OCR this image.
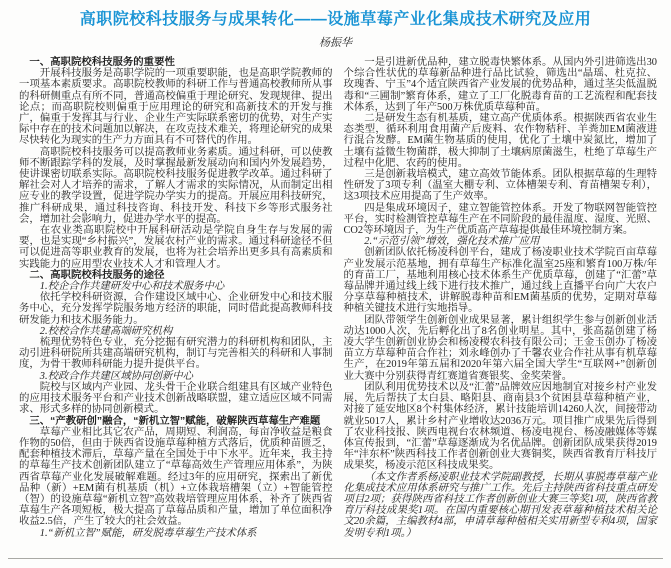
高职院校科技服务与成果转化——设施草莓产业化集成技术研究及应用
杨振华
一、高职院校科技服务的重要性
开展科技服务是高职学院的一项重要职能，也是高职学院教师的一项基本素质要求。高职院校教师的科研工作与普通高校教师所从事的科研侧重点有所不同，普通高校偏重于理论研究、发现规律、提出论点；而高职院校则偏重于应用理论的研究和高新技术的开发与推广，偏重于发挥其与行业、企业生产实际联系密切的优势，对生产实际中存在的技术问题加以解决，在攻克技术难关，将理论研究的成果尽快转化为现实的生产力方面具有不可替代的作用。
高职院校科技服务可以提高教师业务素质。通过科研，可以使教师不断跟踪学科的发展，及时掌握最新发展动向和国内外发展趋势，使讲课密切联系实际。高职院校科技服务促进教学改革。通过科研了解社会对人才培养的需求，了解人才需求的实际情况，从而制定出相应专业的教学设置，促进学院办学实力的提高。开展应用科技研究，推广科研成果，通过科技咨询、科技开发、科技下乡等形式服务社会，增加社会影响力，促进办学水平的提高。
在农业类高职院校中开展科研活动是学院自身生存与发展的需要，也是实现“乡村振兴”，发展农村产业的需求。通过科研途径不但可以促进高等职业教育的发展，也将为社会培养出更多具有高素质和实践能力的应用型农业技术人才和管理人才。
二、高职院校科技服务的途径
1.校企合作共建研发中心和技术服务中心
依托学校科研资源，合作建设区域中心、企业研发中心和技术服务中心，充分发挥学院服务地方经济的职能，同时借此提高教师科技研发能力和技术服务能力。
2.校校合作共建高端研究机构
梳理优势特色专业，充分挖掘有研究潜力的科研机构和团队，主动引进科研院所共建高端研究机构，制订与完善相关的科研和人事制度，为骨干教师科研能力提升提供平台。
3.校政合作共建区域协同创新中心
院校与区域内产业园、龙头骨干企业联合组建具有区域产业特色的应用技术服务平台和产业技术创新战略联盟，建立适应区域不同需求、形式多样的协同创新模式。
三、“产教研创”融合，“新机立智”赋能，破解陕西草莓生产难题
草莓产业相比其它农产品，周期短、利润高，每亩净收益是粮食作物的50倍，但由于陕西省设施草莓种植方式落后，优质种苗匮乏，配套种植技术滞后，草莓产量在全国处于中下水平。近年来，我主持的草莓生产技术创新团队建立了“草莓高效生产管理应用体系”，为陕西省草莓产业化发展破解难题。经过3年的应用研究，探索出了新优品种（新）+EM菌有机基质（机）+立体栽培槽架（立）+智能管控（智）的设施草莓“新机立智”高效栽培管理应用体系，补齐了陕西省草莓生产各项短板，极大提高了草莓品质和产量，增加了单位面积净收益2.5倍，产生了较大的社会效益。
1.“新机立智”赋能，研发脱毒草莓生产技术体系
一是引进新优品种，建立脱毒快繁体系。从国内外引进筛选出30个综合性状优的草莓新品种进行品比试验，筛选出“晶瑶、杜克拉、玫瑰香、宁玉”4个适宜陕西省产业发展的优势品种，通过茎尖低温脱毒和“三圃制”繁育体系，建立了工厂化脱毒育苗的工艺流程和配套技术体系，达到了年产500万株优质草莓种苗。
二是研发生态有机基质，建立高产优质体系。根据陕西省农业生态类型，循环利用食用菌产后废料、农作物秸秆、羊粪加EM菌液进行混合发酵。EM菌生物基质的使用，优化了土壤中炭氮比，增加了土壤有益微生物菌群，极大抑制了土壤病原菌滋生，杜绝了草莓生产过程中化肥、农药的使用。
三是创新栽培模式，建立高效节能体系。团队根据草莓的生理特性研发了3项专利（温室大棚专利、立体槽架专利、育苗槽架专利），这3项技术应用提高了生产效率。
四是集成环境因子，建立智能管控体系。开发了物联网智能管控平台，实时检测管控草莓生产在不同阶段的最佳温度、湿度、光照、CO2等环境因子，为生产优质高产草莓提供最佳环境控制方案。
2.“示范引领”增效，强化技术推广应用
创新团队依托杨凌科创平台，建成了杨凌职业技术学院百亩草莓产业发展示范基地，拥有草莓生产标准化温室25座和繁育100万株/年的育苗工厂，基地利用核心技术体系生产优质草莓，创建了“汇蕾”草莓品牌并通过线上线下进行技术推广，通过线上直播平台向广大农户分享草莓种植技术，讲解脱毒种苗和EM菌基质的优势，定期对草莓种植关键技术进行实地指导。
团队带领学生创新创业成果显著，累计组织学生参与创新创业活动达1000人次，先后孵化出了8名创业明星。其中，张高磊创建了杨凌大学生创新创业协会和杨凌稷农科技有限公司；王金玉创办了杨凌苗立方草莓种苗合作社；刘永峰创办了千馨农业合作社从事有机草莓生产，在2019年第五届和2020年第六届全国大学生“互联网+”创新创业大赛中分别获得青红赛道省赛银奖、金奖荣誉。
团队利用优势技术以及“汇蕾”品牌效应因地制宜对接乡村产业发展，先后帮扶了太白县、略阳县、商南县3个贫困县草莓种植产业，对接了延安地区8个村集体经济，累计技能培训14260人次，间接带动就业5017人，累计乡村产业增收达2036万元。项目推广成果先后得到了农业科技报、陕西电视台农林频道、杨凌电视台、杨凌融媒体等媒体宣传报到，“汇蕾”草莓逐渐成为名优品牌。创新团队成果获得2019年“沣东杯”陕西科技工作者创新创业大赛铜奖，陕西省教育厅科技厅成果奖，杨凌示范区科技成果奖。
（本文作者系杨凌职业技术学院副教授，长期从事脱毒草莓产业化集成技术应用体系研究与推广工作。先后主持陕西省科技重点研发项目2项；获得陕西省科技工作者创新创业大赛三等奖1项，陕西省教育厅科技成果奖1项。在国内重要核心期刊发表草莓种植技术相关论文20余篇，主编教材4部，申请草莓种植相关实用新型专利4项，国家发明专利1项。）
